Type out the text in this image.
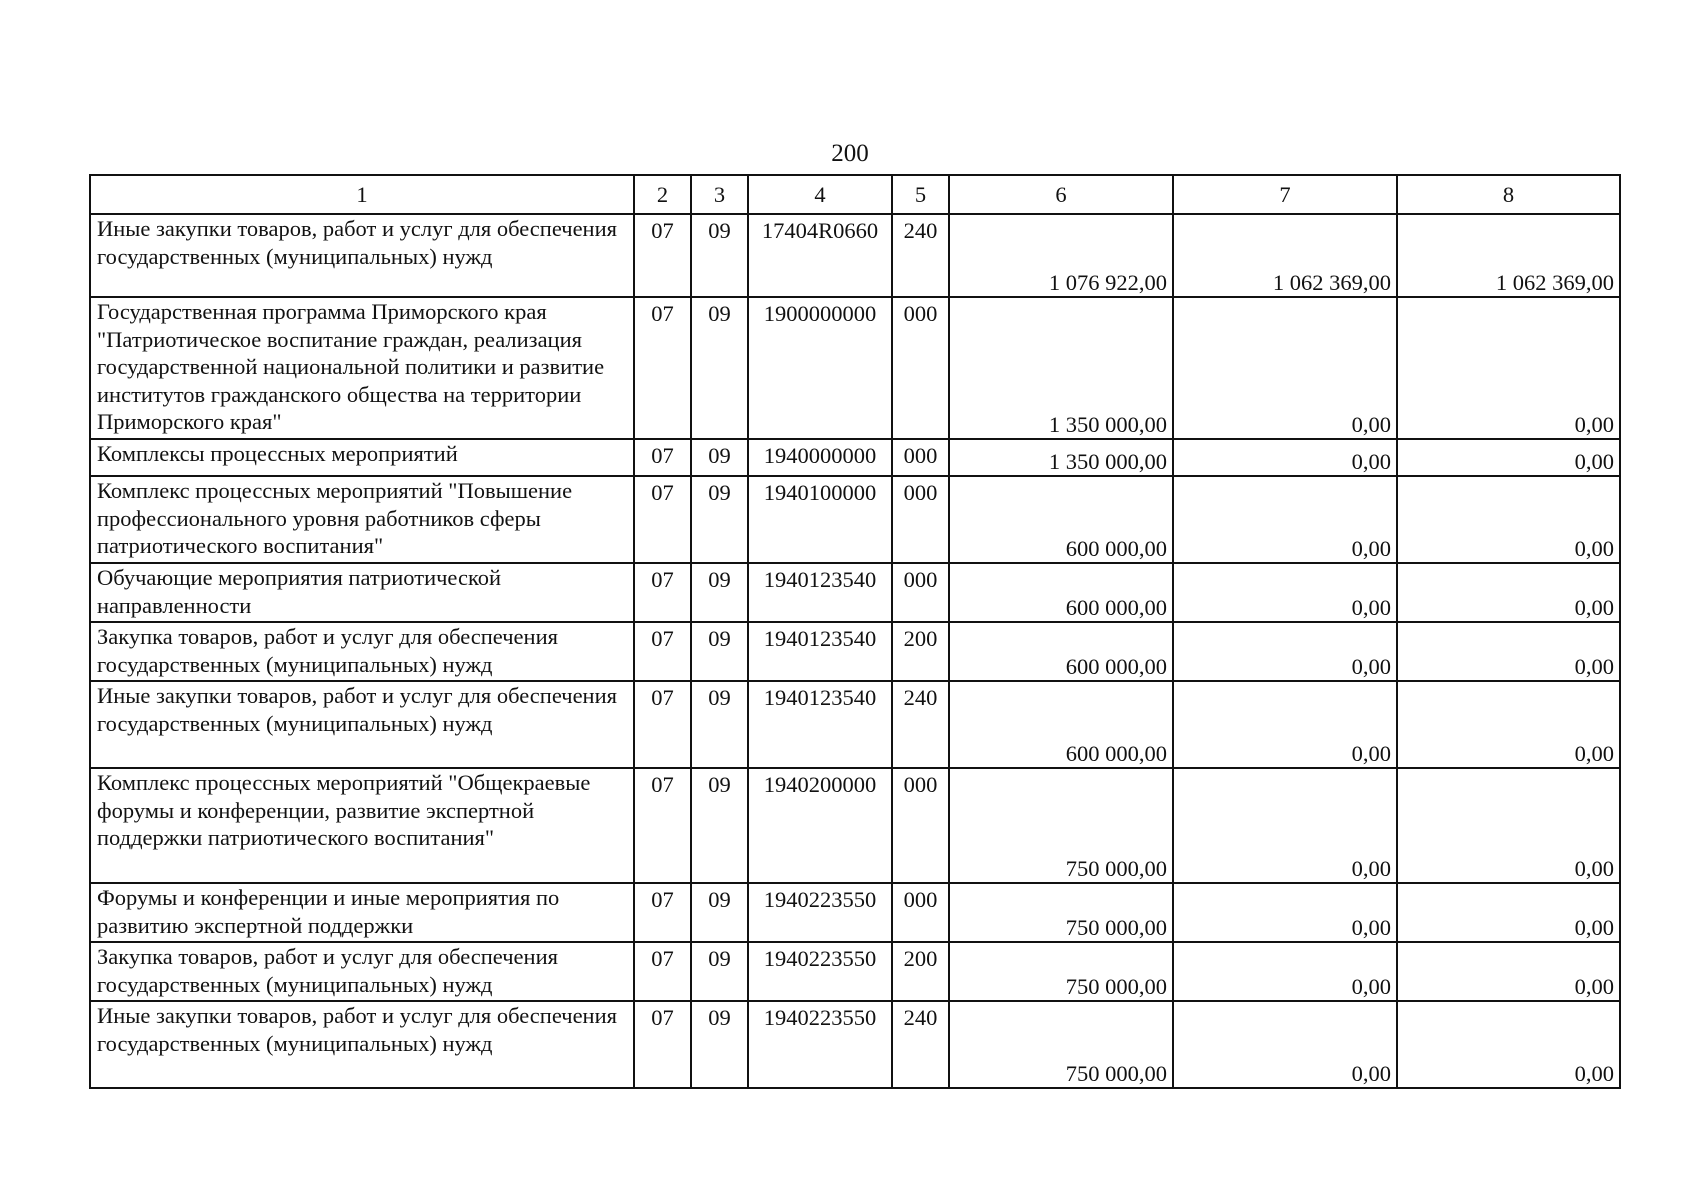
200
1	2	3	4	5	6	7	8
Иные закупки товаров, работ и услуг для обеспечения государственных (муниципальных) нужд	07	09	17404R0660	240	1 076 922,00	1 062 369,00	1 062 369,00
Государственная программа Приморского края "Патриотическое воспитание граждан, реализация государственной национальной политики и развитие институтов гражданского общества на территории Приморского края"	07	09	1900000000	000	1 350 000,00	0,00	0,00
Комплексы процессных мероприятий	07	09	1940000000	000	1 350 000,00	0,00	0,00
Комплекс процессных мероприятий "Повышение профессионального уровня работников сферы патриотического воспитания"	07	09	1940100000	000	600 000,00	0,00	0,00
Обучающие мероприятия патриотической направленности	07	09	1940123540	000	600 000,00	0,00	0,00
Закупка товаров, работ и услуг для обеспечения государственных (муниципальных) нужд	07	09	1940123540	200	600 000,00	0,00	0,00
Иные закупки товаров, работ и услуг для обеспечения государственных (муниципальных) нужд	07	09	1940123540	240	600 000,00	0,00	0,00
Комплекс процессных мероприятий "Общекраевые форумы и конференции, развитие экспертной поддержки патриотического воспитания"	07	09	1940200000	000	750 000,00	0,00	0,00
Форумы и конференции и иные мероприятия по развитию экспертной поддержки	07	09	1940223550	000	750 000,00	0,00	0,00
Закупка товаров, работ и услуг для обеспечения государственных (муниципальных) нужд	07	09	1940223550	200	750 000,00	0,00	0,00
Иные закупки товаров, работ и услуг для обеспечения государственных (муниципальных) нужд	07	09	1940223550	240	750 000,00	0,00	0,00
